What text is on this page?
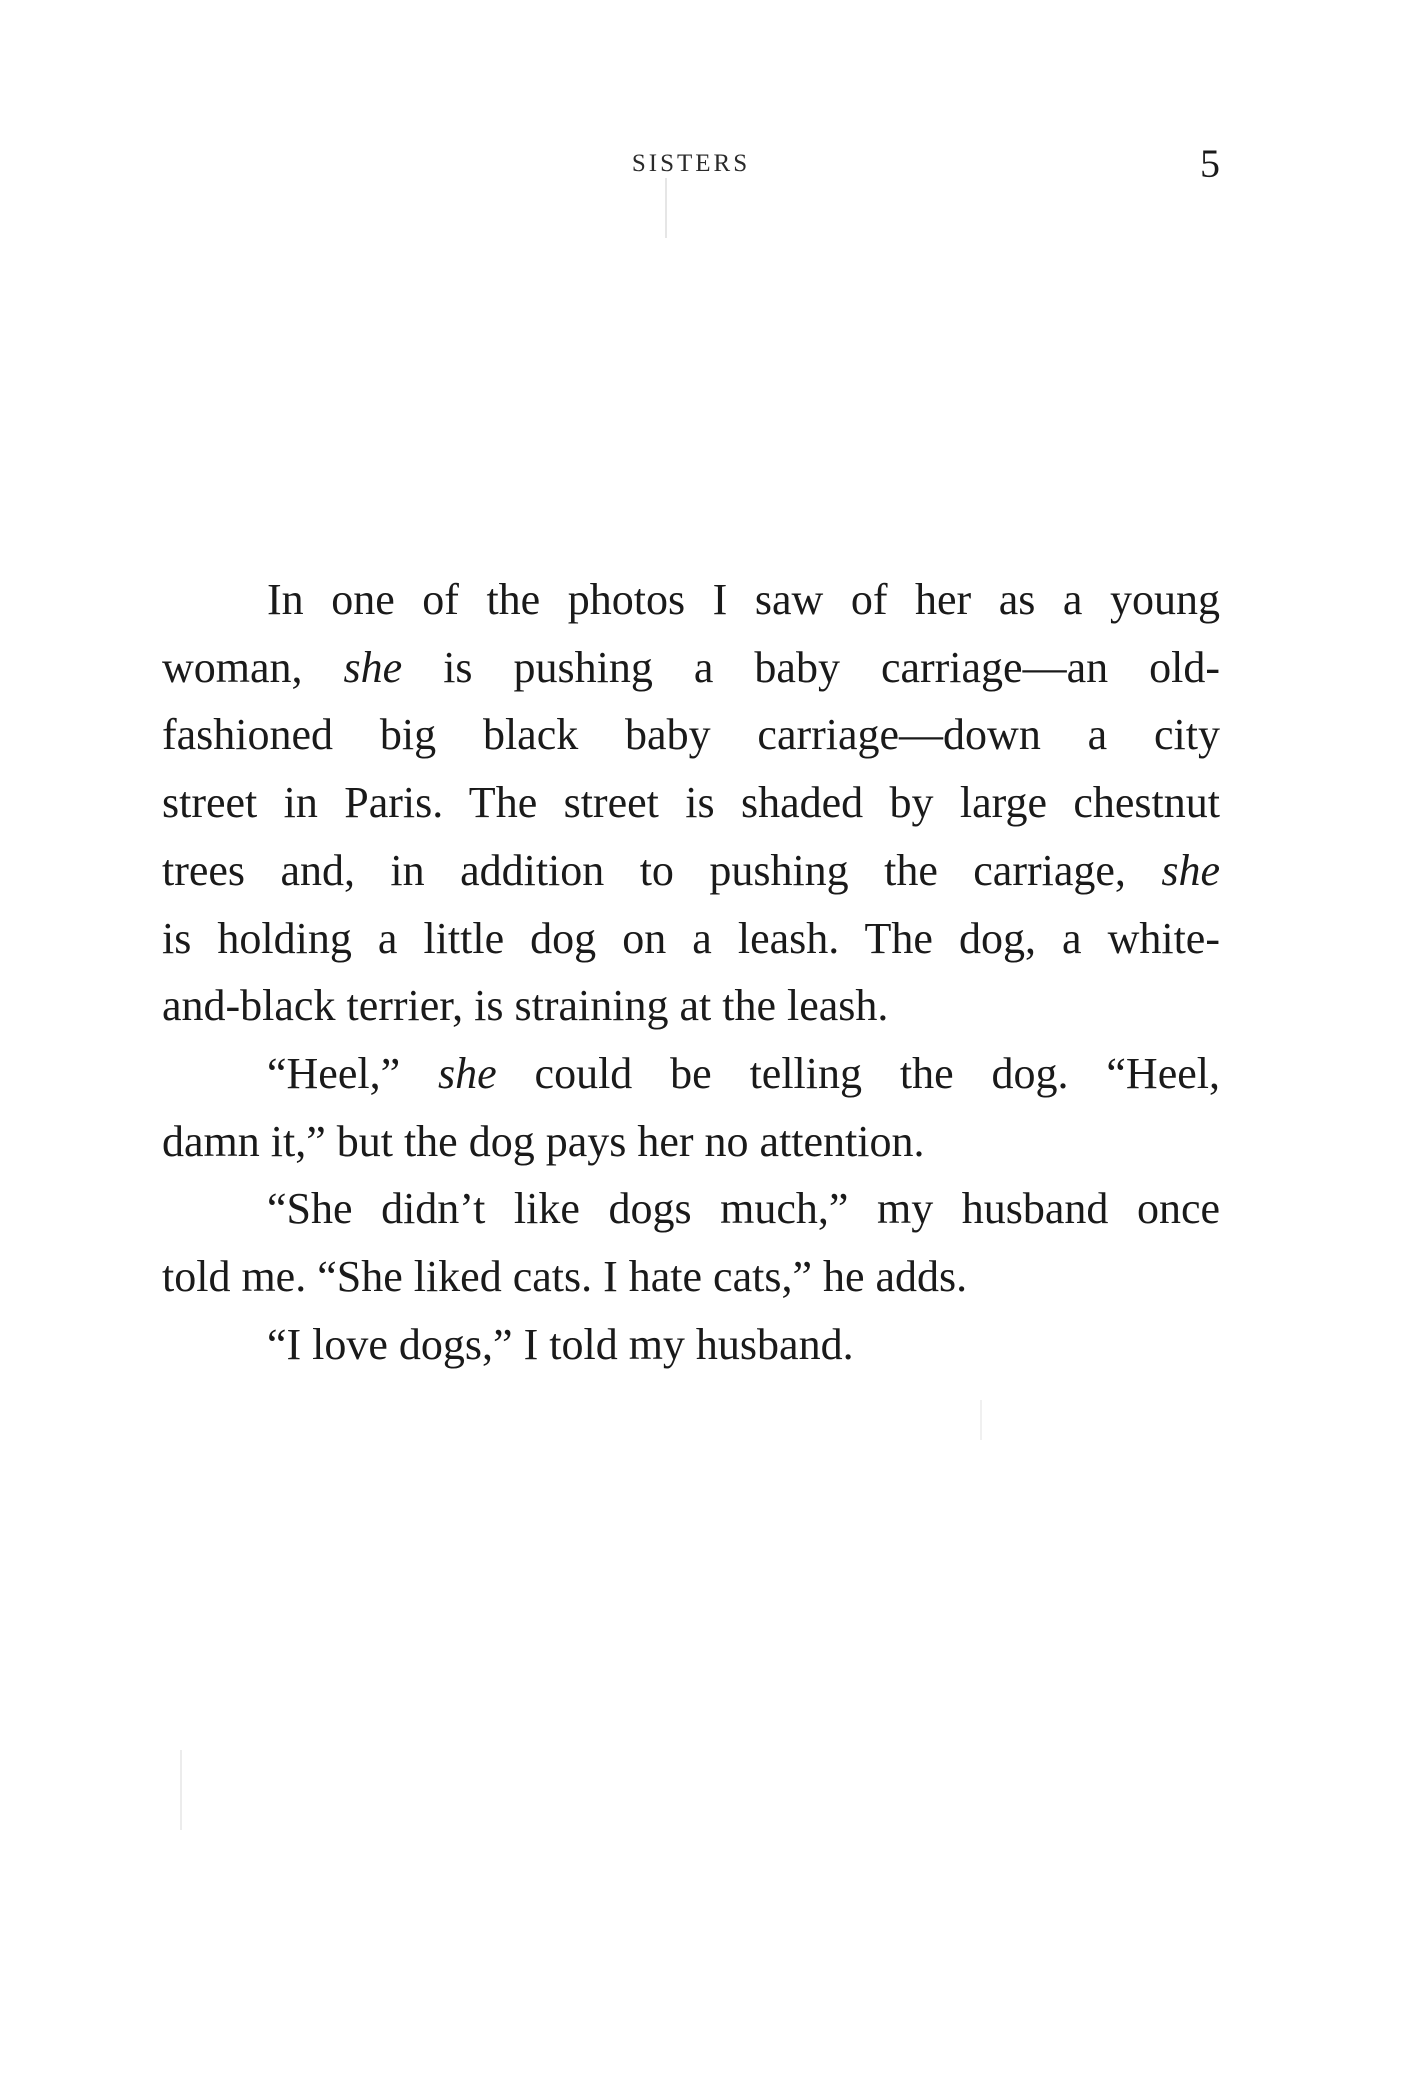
SISTERS	5
In one of the photos I saw of her as a young
woman, she is pushing a baby carriage—an old-
fashioned big black baby carriage—down a city
street in Paris. The street is shaded by large chestnut
trees and, in addition to pushing the carriage, she
is holding a little dog on a leash. The dog, a white-
and-black terrier, is straining at the leash.
“Heel,” she could be telling the dog. “Heel,
damn it,” but the dog pays her no attention.
“She didn’t like dogs much,” my husband once
told me. “She liked cats. I hate cats,” he adds.
“I love dogs,” I told my husband.
